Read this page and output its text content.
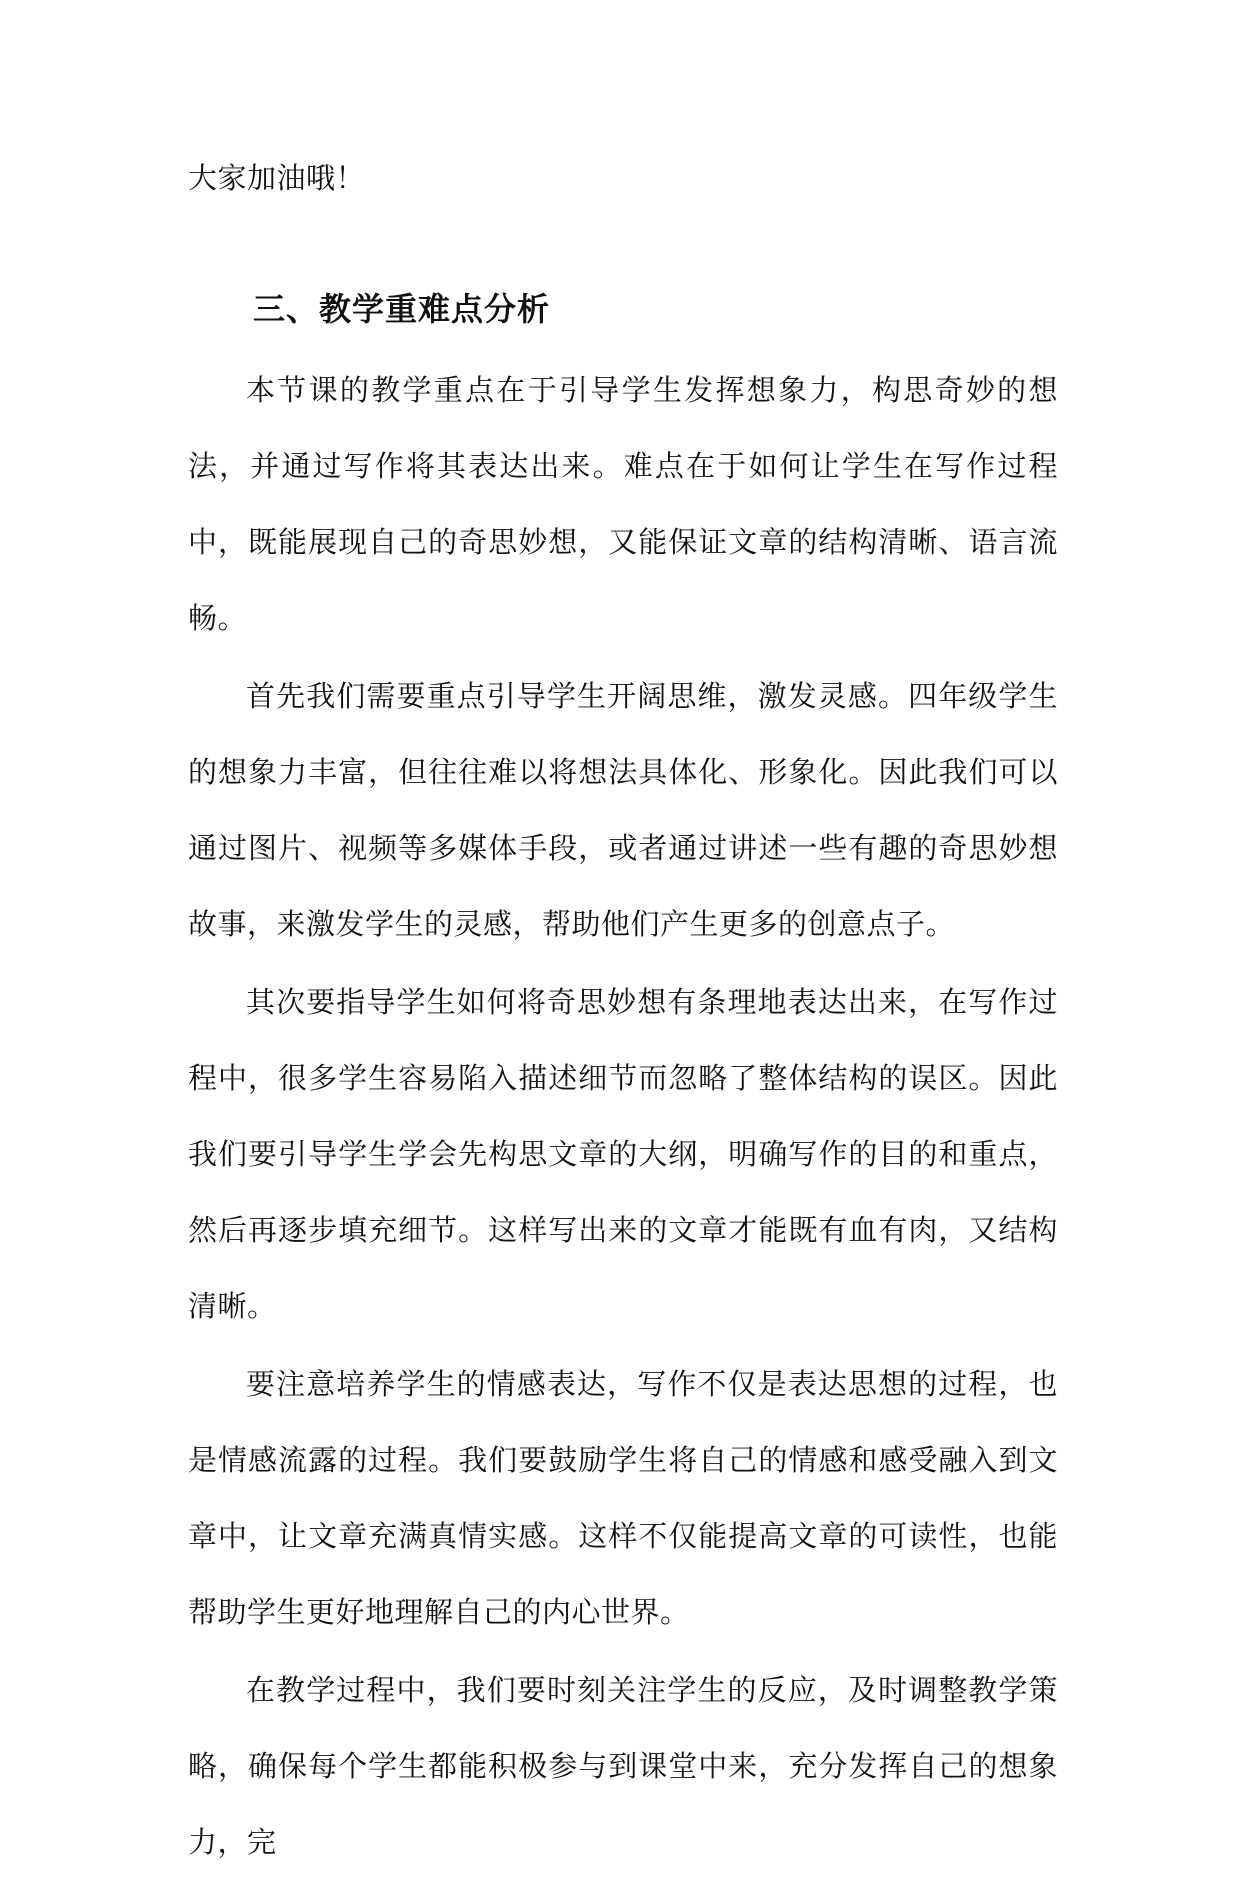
大家加油哦！

三、教学重难点分析

本节课的教学重点在于引导学生发挥想象力，构思奇妙的想法，并通过写作将其表达出来。难点在于如何让学生在写作过程中，既能展现自己的奇思妙想，又能保证文章的结构清晰、语言流畅。

首先我们需要重点引导学生开阔思维，激发灵感。四年级学生的想象力丰富，但往往难以将想法具体化、形象化。因此我们可以通过图片、视频等多媒体手段，或者通过讲述一些有趣的奇思妙想故事，来激发学生的灵感，帮助他们产生更多的创意点子。

其次要指导学生如何将奇思妙想有条理地表达出来，在写作过程中，很多学生容易陷入描述细节而忽略了整体结构的误区。因此我们要引导学生学会先构思文章的大纲，明确写作的目的和重点，然后再逐步填充细节。这样写出来的文章才能既有血有肉，又结构清晰。

要注意培养学生的情感表达，写作不仅是表达思想的过程，也是情感流露的过程。我们要鼓励学生将自己的情感和感受融入到文章中，让文章充满真情实感。这样不仅能提高文章的可读性，也能帮助学生更好地理解自己的内心世界。

在教学过程中，我们要时刻关注学生的反应，及时调整教学策略，确保每个学生都能积极参与到课堂中来，充分发挥自己的想象力，完
